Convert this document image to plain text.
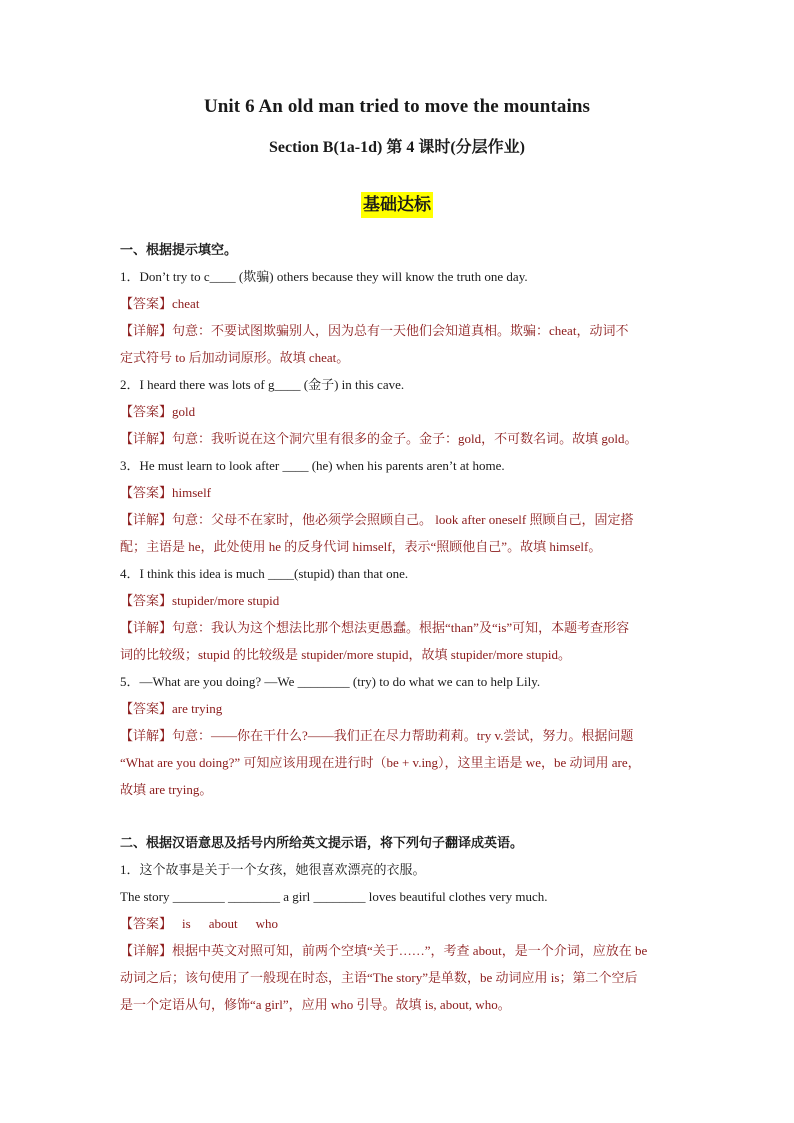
Unit 6 An old man tried to move the mountains
Section B(1a-1d) 第 4 课时(分层作业)
基础达标
一、根据提示填空。
1．Don’t try to c____ (欺骗) others because they will know the truth one day.
【答案】cheat
【详解】句意：不要试图欺骗别人，因为总有一天他们会知道真相。欺骗：cheat，动词不
定式符号 to 后加动词原形。故填 cheat。
2．I heard there was lots of g____ (金子) in this cave.
【答案】gold
【详解】句意：我听说在这个洞穴里有很多的金子。金子：gold，不可数名词。故填 gold。
3．He must learn to look after ____ (he) when his parents aren’t at home.
【答案】himself
【详解】句意：父母不在家时，他必须学会照顾自己。 look after oneself 照顾自己，固定搭
配；主语是 he，此处使用 he 的反身代词 himself，表示“照顾他自己”。故填 himself。
4．I think this idea is much ____(stupid) than that one.
【答案】stupider/more stupid
【详解】句意：我认为这个想法比那个想法更愚蠢。根据“than”及“is”可知，本题考查形容
词的比较级；stupid 的比较级是 stupider/more stupid，故填 stupider/more stupid。
5．—What are you doing? —We ________ (try) to do what we can to help Lily.
【答案】are trying
【详解】句意：——你在干什么?——我们正在尽力帮助莉莉。try v.尝试，努力。根据问题
“What are you doing?” 可知应该用现在进行时（be + v.ing），这里主语是 we，be 动词用 are，
故填 are trying。
二、根据汉语意思及括号内所给英文提示语，将下列句子翻译成英语。
1．这个故事是关于一个女孩，她很喜欢漂亮的衣服。
The story ________ ________ a girl ________ loves beautiful clothes very much.
【答案】 is about who
【详解】根据中英文对照可知，前两个空填“关于……”，考查 about，是一个介词，应放在 be
动词之后；该句使用了一般现在时态，主语“The story”是单数，be 动词应用 is；第二个空后
是一个定语从句，修饰“a girl”，应用 who 引导。故填 is, about, who。
